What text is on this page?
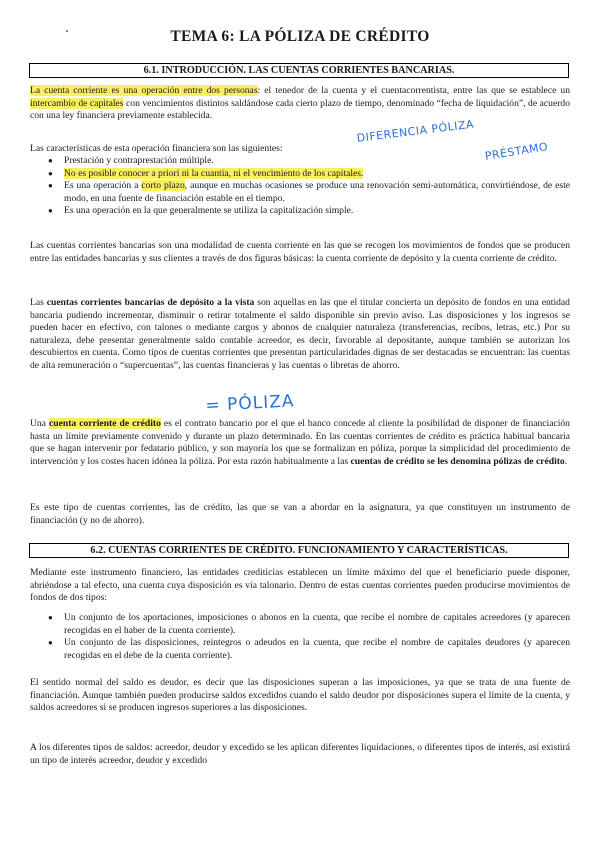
TEMA 6: LA PÓLIZA DE CRÉDITO
6.1. INTRODUCCIÓN. LAS CUENTAS CORRIENTES BANCARIAS.

La cuenta corriente es una operación entre dos personas: el tenedor de la cuenta y el cuentacorrentista, entre las que se establece un intercambio de capitales con vencimientos distintos saldándose cada cierto plazo de tiempo, denominado “fecha de liquidación”, de acuerdo con una ley financiera previamente establecida.

Las características de esta operación financiera son las siguientes:
● Prestación y contraprestación múltiple.
● No es posible conocer a priori ni la cuantía, ni el vencimiento de los capitales.
● Es una operación a corto plazo, aunque en muchas ocasiones se produce una renovación semi-automática, convirtiéndose, de este modo, en una fuente de financiación estable en el tiempo.
● Es una operación en la que generalmente se utiliza la capitalización simple.
Las cuentas corrientes bancarias son una modalidad de cuenta corriente en las que se recogen los movimientos de fondos que se producen entre las entidades bancarias y sus clientes a través de dos figuras básicas: la cuenta corriente de depósito y la cuenta corriente de crédito.

Las cuentas corrientes bancarias de depósito a la vista son aquellas en las que el titular concierta un depósito de fondos en una entidad bancaria pudiendo incrementar, disminuir o retirar totalmente el saldo disponible sin previo aviso. Las disposiciones y los ingresos se pueden hacer en efectivo, con talones o mediante cargos y abonos de cualquier naturaleza (transferencias, recibos, letras, etc.) Por su naturaleza, debe presentar generalmente saldo contable acreedor, es decir, favorable al depositante, aunque también se autorizan los descubiertos en cuenta. Como tipos de cuentas corrientes que presentan particularidades dignas de ser destacadas se encuentran: las cuentas de alta remuneración o “supercuentas”, las cuentas financieras y las cuentas o libretas de ahorro.

Una cuenta corriente de crédito es el contrato bancario por el que el banco concede al cliente la posibilidad de disponer de financiación hasta un límite previamente convenido y durante un plazo determinado. En las cuentas corrientes de crédito es práctica habitual bancaria que se hagan intervenir por fedatario público, y son mayoría los que se formalizan en póliza, porque la simplicidad del procedimiento de intervención y los costes hacen idónea la póliza. Por esta razón habitualmente a las cuentas de crédito se les denomina pólizas de crédito.

Es este tipo de cuentas corrientes, las de crédito, las que se van a abordar en la asignatura, ya que constituyen un instrumento de financiación (y no de ahorro).
6.2. CUENTAS CORRIENTES DE CRÉDITO. FUNCIONAMIENTO Y CARACTERÍSTICAS.
Mediante este instrumento financiero, las entidades crediticias establecen un límite máximo del que el beneficiario puede disponer, abriéndose a tal efecto, una cuenta cuya disposición es vía talonario. Dentro de estas cuentas corrientes pueden producirse movimientos de fondos de dos tipos:
● Un conjunto de los aportaciones, imposiciones o abonos en la cuenta, que recibe el nombre de capitales acreedores (y aparecen recogidas en el haber de la cuenta corriente).
● Un conjunto de las disposiciones, reintegros o adeudos en la cuenta, que recibe el nombre de capitales deudores (y aparecen recogidas en el debe de la cuenta corriente).
El sentido normal del saldo es deudor, es decir que las disposiciones superan a las imposiciones, ya que se trata de una fuente de financiación. Aunque también pueden producirse saldos excedidos cuando el saldo deudor por disposiciones supera el límite de la cuenta, y saldos acreedores si se producen ingresos superiores a las disposiciones.
A los diferentes tipos de saldos: acreedor, deudor y excedido se les aplican diferentes liquidaciones, o diferentes tipos de interés, así existirá un tipo de interés acreedor, deudor y excedido
DIFERENCIA PÓLIZA
PRÉSTAMO
= PÓLIZA
